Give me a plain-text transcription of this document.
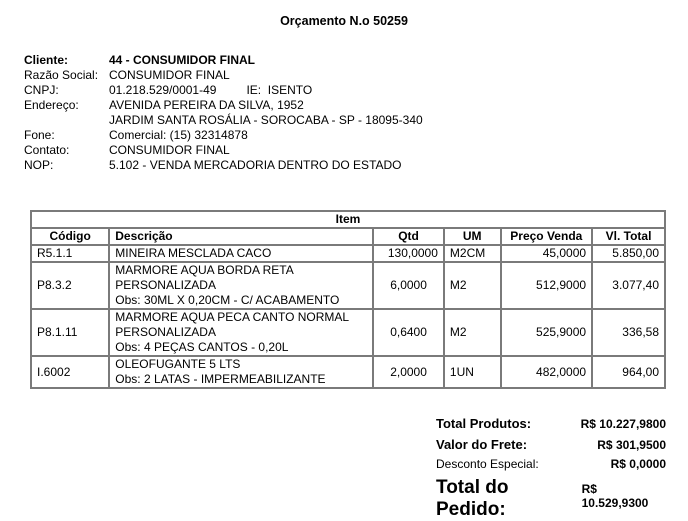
Orçamento N.o 50259
Cliente:	44 - CONSUMIDOR FINAL
Razão Social: CONSUMIDOR FINAL
CNPJ:	01.218.529/0001-49	IE:
ISENTO
Endereço:	AVENIDA PEREIRA DA SILVA, 1952
JARDIM SANTA ROSÁLIA - SOROCABA - SP - 18095-340
Fone:	Comercial: (15) 32314878
Contato:	CONSUMIDOR FINAL
NOP:	5.102 - VENDA MERCADORIA DENTRO DO ESTADO
Item					
Código	Descrição	Qtd	UM	Preço Venda	Vl. Total
R5.1.1	MINEIRA MESCLADA CACO	130,0000	M2CM	45,0000	5.850,00
P8.3.2	MARMORE AQUA BORDA RETA
PERSONALIZADA
Obs: 30ML X 0,20CM - C/ ACABAMENTO	6,0000	M2	512,9000	3.077,40
P8.1.11	MARMORE AQUA PECA CANTO NORMAL
PERSONALIZADA
Obs: 4 PEÇAS CANTOS - 0,20L	0,6400	M2	525,9000	336,58
I.6002	OLEOFUGANTE 5 LTS
Obs: 2 LATAS - IMPERMEABILIZANTE	2,0000	1UN	482,0000	964,00
Total Produtos:	R$ 10.227,9800
Valor do Frete:	R$ 301,9500
Desconto Especial:	R$ 0,0000
Total do Pedido:
R$ 10.529,9300
